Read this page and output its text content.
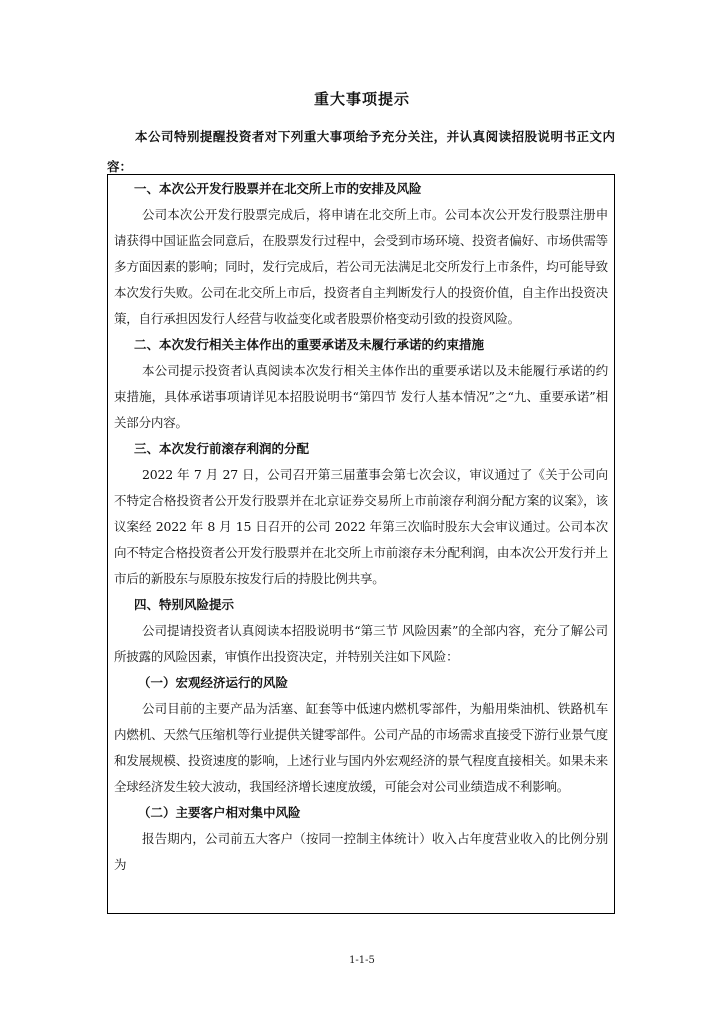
重大事项提示
本公司特别提醒投资者对下列重大事项给予充分关注，并认真阅读招股说明书正文内容：
一、本次公开发行股票并在北交所上市的安排及风险
公司本次公开发行股票完成后，将申请在北交所上市。公司本次公开发行股票注册申请获得中国证监会同意后，在股票发行过程中，会受到市场环境、投资者偏好、市场供需等多方面因素的影响；同时，发行完成后，若公司无法满足北交所发行上市条件，均可能导致本次发行失败。公司在北交所上市后，投资者自主判断发行人的投资价值，自主作出投资决策，自行承担因发行人经营与收益变化或者股票价格变动引致的投资风险。
二、本次发行相关主体作出的重要承诺及未履行承诺的约束措施
本公司提示投资者认真阅读本次发行相关主体作出的重要承诺以及未能履行承诺的约束措施，具体承诺事项请详见本招股说明书“第四节 发行人基本情况”之“九、重要承诺”相关部分内容。
三、本次发行前滚存利润的分配
2022 年 7 月 27 日，公司召开第三届董事会第七次会议，审议通过了《关于公司向不特定合格投资者公开发行股票并在北京证券交易所上市前滚存利润分配方案的议案》，该议案经 2022 年 8 月 15 日召开的公司 2022 年第三次临时股东大会审议通过。公司本次向不特定合格投资者公开发行股票并在北交所上市前滚存未分配利润，由本次公开发行并上市后的新股东与原股东按发行后的持股比例共享。
四、特别风险提示
公司提请投资者认真阅读本招股说明书“第三节 风险因素”的全部内容，充分了解公司所披露的风险因素，审慎作出投资决定，并特别关注如下风险：
（一）宏观经济运行的风险
公司目前的主要产品为活塞、缸套等中低速内燃机零部件，为船用柴油机、铁路机车内燃机、天然气压缩机等行业提供关键零部件。公司产品的市场需求直接受下游行业景气度和发展规模、投资速度的影响，上述行业与国内外宏观经济的景气程度直接相关。如果未来全球经济发生较大波动，我国经济增长速度放缓，可能会对公司业绩造成不利影响。
（二）主要客户相对集中风险
报告期内，公司前五大客户（按同一控制主体统计）收入占年度营业收入的比例分别为
1-1-5
